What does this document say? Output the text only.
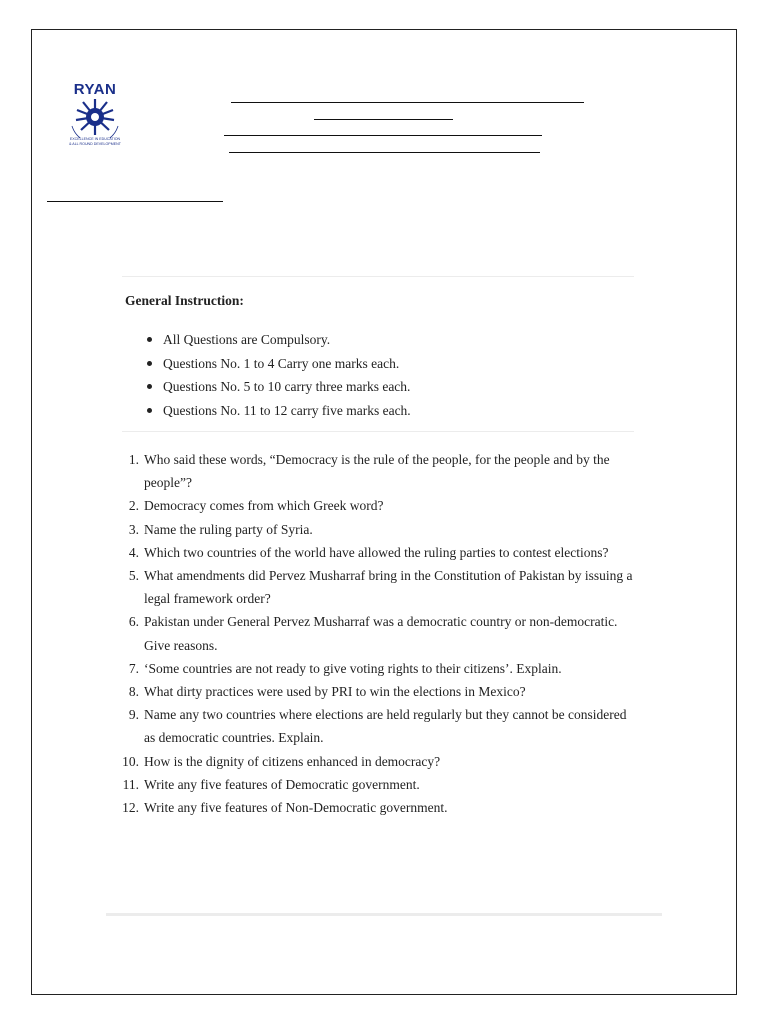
RYAN
EXCELLENCE IN EDUCATION
& ALL ROUND DEVELOPMENT
General Instruction:
All Questions are Compulsory.
Questions No. 1 to 4 Carry one marks each.
Questions No. 5 to 10 carry three marks each.
Questions No. 11 to 12 carry five marks each.
1. Who said these words, “Democracy is the rule of the people, for the people and by the people”?
2. Democracy comes from which Greek word?
3. Name the ruling party of Syria.
4. Which two countries of the world have allowed the ruling parties to contest elections?
5. What amendments did Pervez Musharraf bring in the Constitution of Pakistan by issuing a legal framework order?
6. Pakistan under General Pervez Musharraf was a democratic country or non-democratic. Give reasons.
7. ‘Some countries are not ready to give voting rights to their citizens’. Explain.
8. What dirty practices were used by PRI to win the elections in Mexico?
9. Name any two countries where elections are held regularly but they cannot be considered as democratic countries. Explain.
10. How is the dignity of citizens enhanced in democracy?
11. Write any five features of Democratic government.
12. Write any five features of Non-Democratic government.
